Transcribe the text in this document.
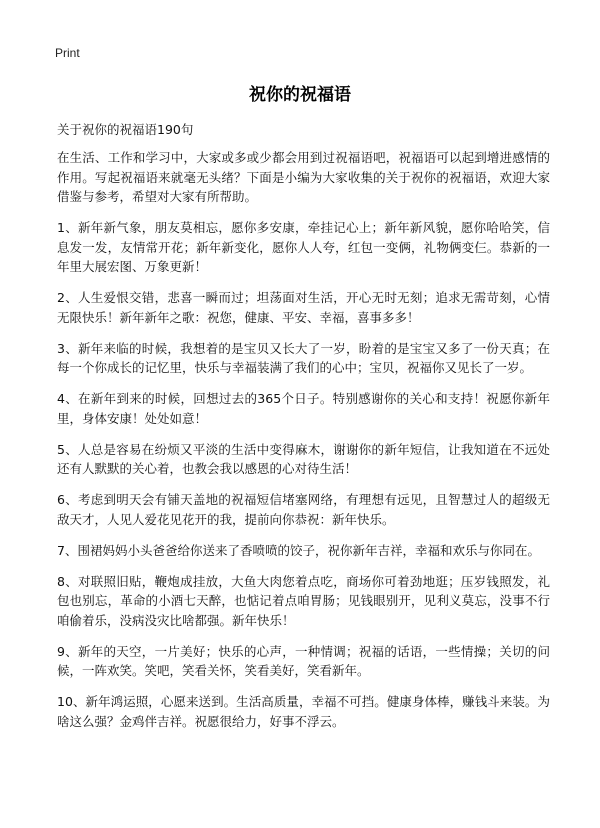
Print
祝你的祝福语
关于祝你的祝福语190句

在生活、工作和学习中，大家或多或少都会用到过祝福语吧，祝福语可以起到增进感情的作用。写起祝福语来就毫无头绪？下面是小编为大家收集的关于祝你的祝福语，欢迎大家借鉴与参考，希望对大家有所帮助。

1、新年新气象，朋友莫相忘，愿你多安康，牵挂记心上；新年新风貌，愿你哈哈笑，信息发一发，友情常开花；新年新变化，愿你人人夸，红包一变俩，礼物俩变仨。恭新的一年里大展宏图、万象更新！

2、人生爱恨交错，悲喜一瞬而过；坦荡面对生活，开心无时无刻；追求无需苛刻，心情无限快乐！新年新年之歌：祝您，健康、平安、幸福，喜事多多！

3、新年来临的时候，我想着的是宝贝又长大了一岁，盼着的是宝宝又多了一份天真；在每一个你成长的记忆里，快乐与幸福装满了我们的心中；宝贝，祝福你又见长了一岁。

4、在新年到来的时候，回想过去的365个日子。特别感谢你的关心和支持！祝愿你新年里，身体安康！处处如意！

5、人总是容易在纷烦又平淡的生活中变得麻木，谢谢你的新年短信，让我知道在不远处还有人默默的关心着，也教会我以感恩的心对待生活！

6、考虑到明天会有铺天盖地的祝福短信堵塞网络，有理想有远见，且智慧过人的超级无敌天才，人见人爱花见花开的我，提前向你恭祝：新年快乐。

7、围裙妈妈小头爸爸给你送来了香喷喷的饺子，祝你新年吉祥，幸福和欢乐与你同在。

8、对联照旧贴，鞭炮成挂放，大鱼大肉您着点吃，商场你可着劲地逛；压岁钱照发，礼包也别忘，革命的小酒七天醉，也惦记着点咱胃肠；见钱眼别开，见利义莫忘，没事不行咱偷着乐，没病没灾比啥都强。新年快乐！

9、新年的天空，一片美好；快乐的心声，一种情调；祝福的话语，一些情操；关切的问候，一阵欢笑。笑吧，笑看关怀，笑看美好，笑看新年。

10、新年鸿运照，心愿来送到。生活高质量，幸福不可挡。健康身体棒，赚钱斗来装。为啥这么强？金鸡伴吉祥。祝愿很给力，好事不浮云。
